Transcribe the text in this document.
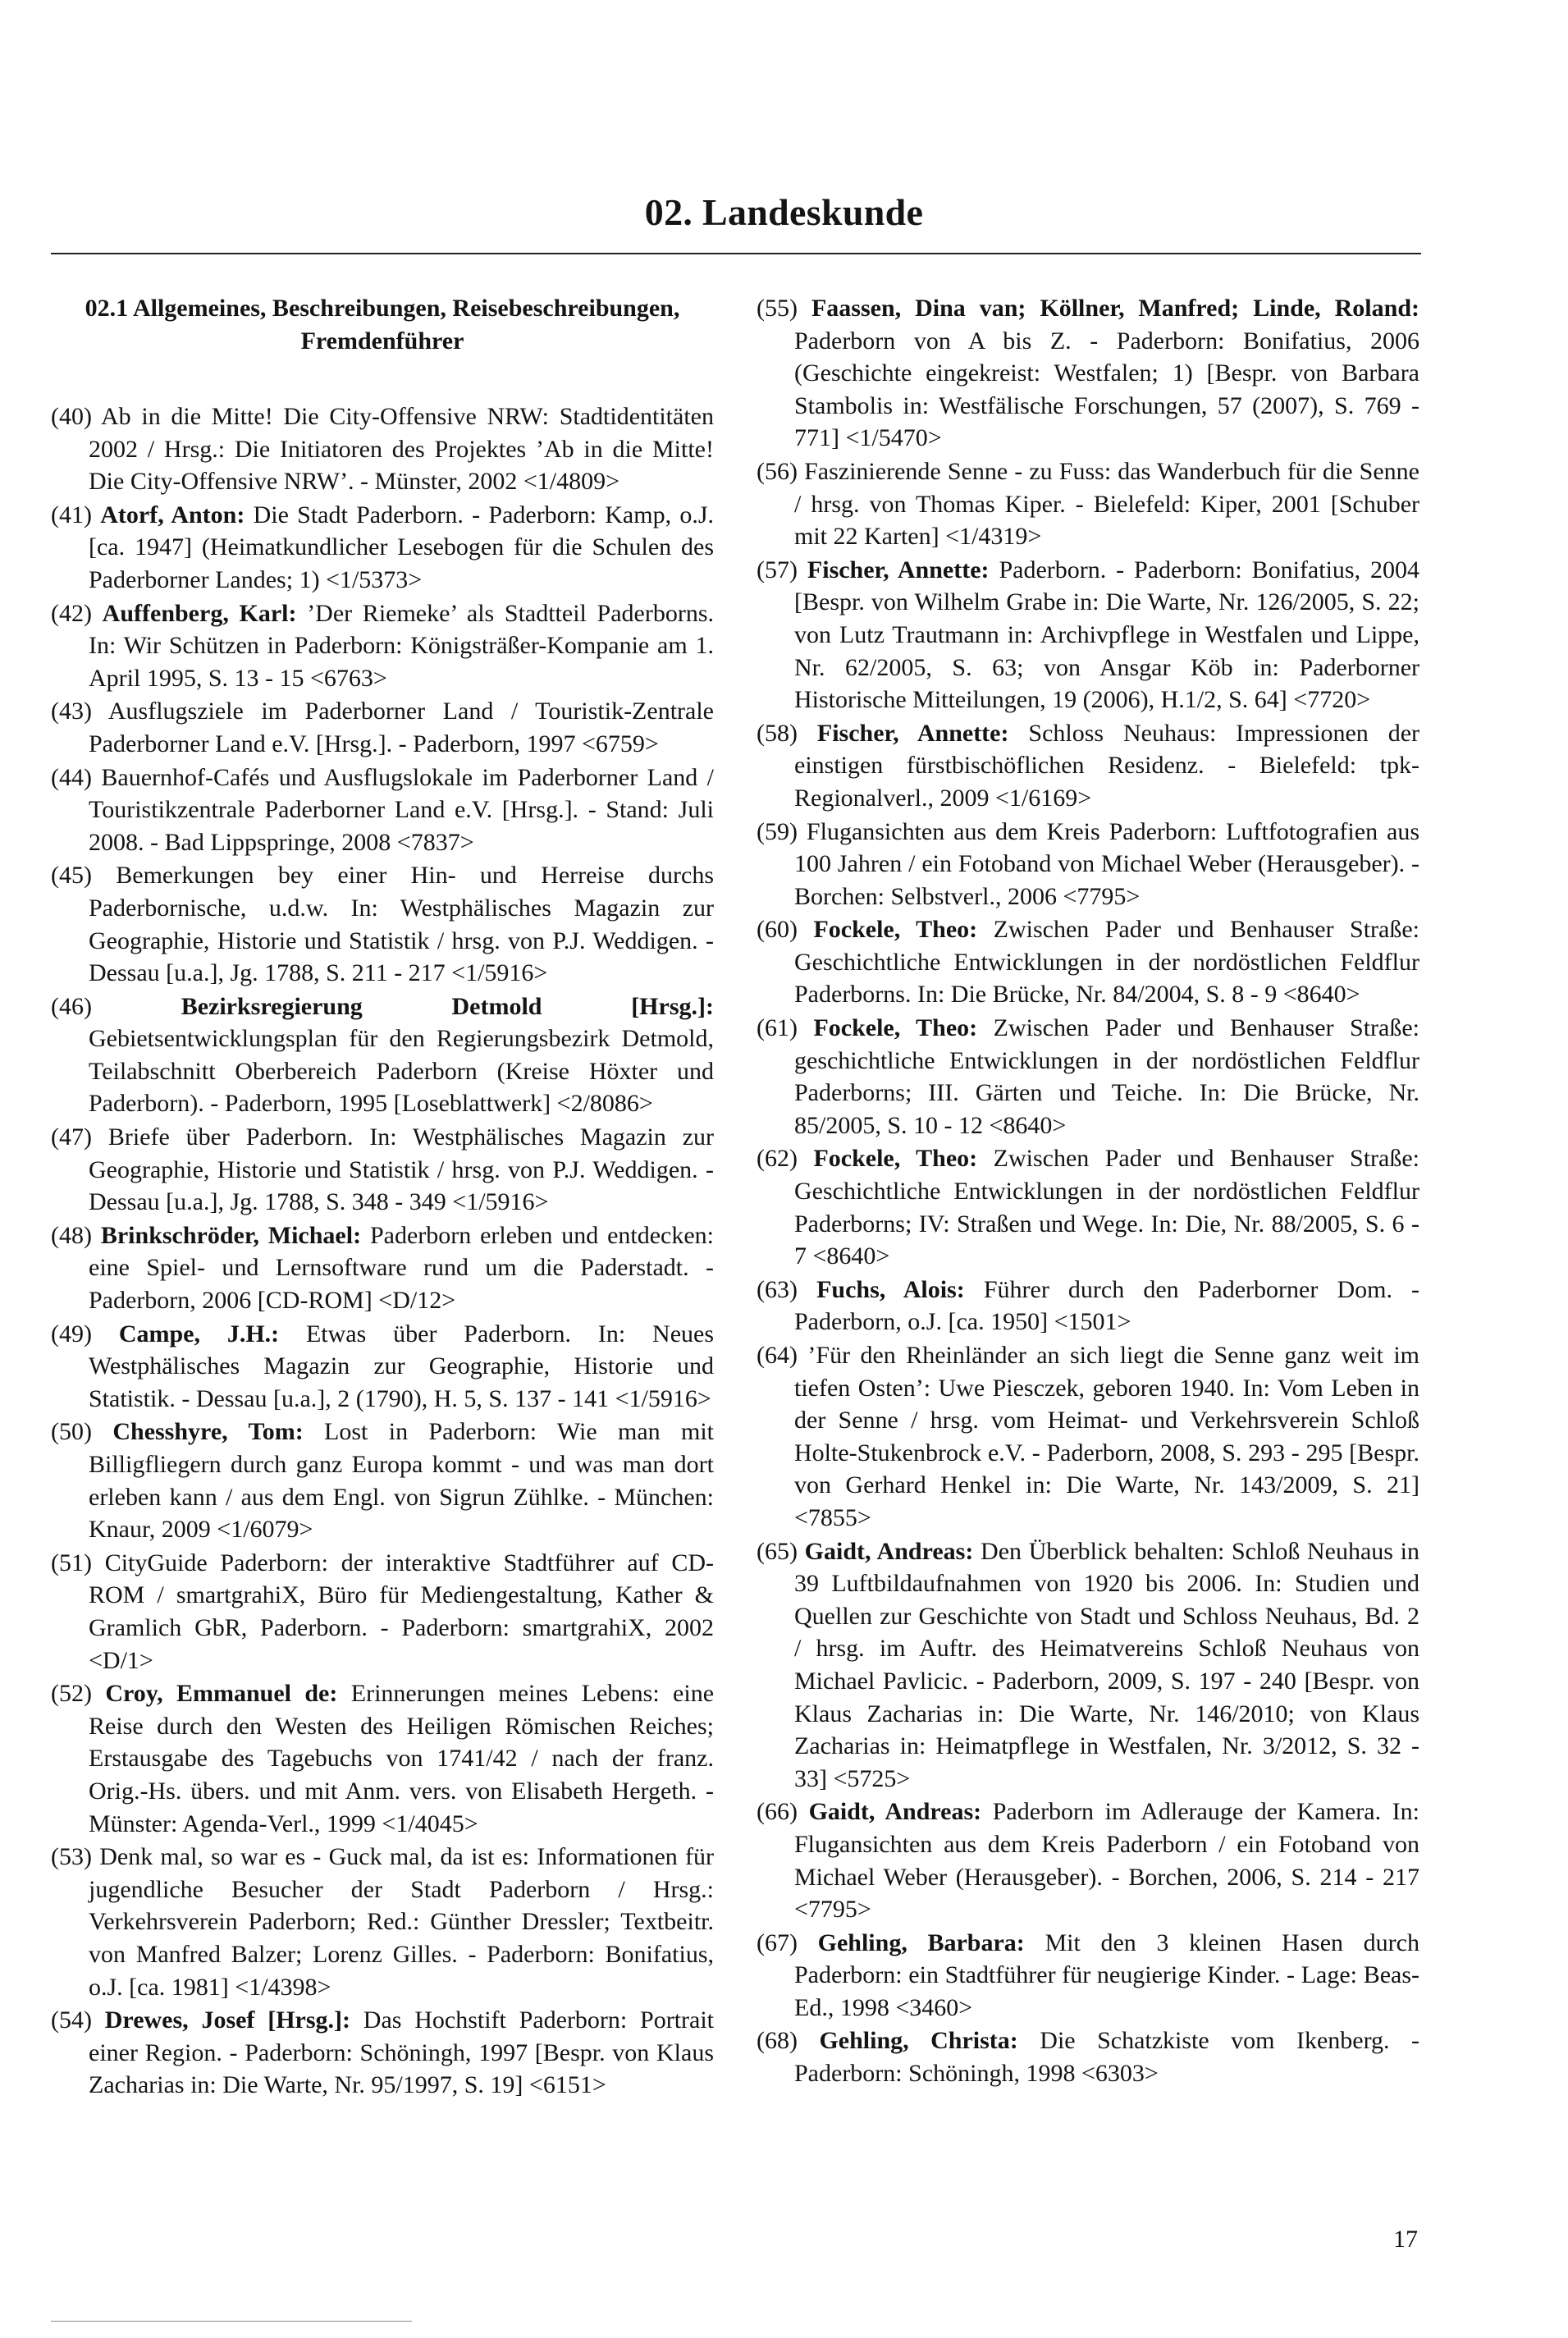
02. Landeskunde
02.1 Allgemeines, Beschreibungen, Reisebeschreibungen,
Fremdenführer

(40) Ab in die Mitte! Die City-Offensive NRW: Stadtidentitäten 2002 / Hrsg.: Die Initiatoren des Projektes ’Ab in die Mitte! Die City-Offensive NRW’. - Münster, 2002 <1/4809>

(41) Atorf, Anton: Die Stadt Paderborn. - Paderborn: Kamp, o.J. [ca. 1947] (Heimatkundlicher Lesebogen für die Schulen des Paderborner Landes; 1) <1/5373>

(42) Auffenberg, Karl: ’Der Riemeke’ als Stadtteil Paderborns. In: Wir Schützen in Paderborn: Königsträßer-Kompanie am 1. April 1995, S. 13 - 15 <6763>

(43) Ausflugsziele im Paderborner Land / Touristik-Zentrale Paderborner Land e.V. [Hrsg.]. - Paderborn, 1997 <6759>

(44) Bauernhof-Cafés und Ausflugslokale im Paderborner Land / Touristikzentrale Paderborner Land e.V. [Hrsg.]. - Stand: Juli 2008. - Bad Lippspringe, 2008 <7837>

(45) Bemerkungen bey einer Hin- und Herreise durchs Paderbornische, u.d.w. In: Westphälisches Magazin zur Geographie, Historie und Statistik / hrsg. von P.J. Weddigen. - Dessau [u.a.], Jg. 1788, S. 211 - 217 <1/5916>

(46)	Bezirksregierung Detmold [Hrsg.]: Gebietsentwicklungsplan für den Regierungsbezirk Detmold, Teilabschnitt Oberbereich Paderborn (Kreise Höxter und Paderborn). - Paderborn, 1995 [Loseblattwerk] <2/8086>

(47) Briefe über Paderborn. In: Westphälisches Magazin zur Geographie, Historie und Statistik / hrsg. von P.J. Weddigen. - Dessau [u.a.], Jg. 1788, S. 348 - 349 <1/5916>

(48) Brinkschröder, Michael: Paderborn erleben und entdecken: eine Spiel- und Lernsoftware rund um die Paderstadt. - Paderborn, 2006 [CD-ROM] <D/12>

(49) Campe, J.H.: Etwas über Paderborn. In: Neues Westphälisches Magazin zur Geographie, Historie und Statistik. - Dessau [u.a.], 2 (1790), H. 5, S. 137 - 141 <1/5916>

(50) Chesshyre, Tom: Lost in Paderborn: Wie man mit Billigfliegern durch ganz Europa kommt - und was man dort erleben kann / aus dem Engl. von Sigrun Zühlke. - München: Knaur, 2009 <1/6079>

(51) CityGuide Paderborn: der interaktive Stadtführer auf CD-ROM / smartgrahiX, Büro für Mediengestaltung, Kather & Gramlich GbR, Paderborn. - Paderborn: smartgrahiX, 2002 <D/1>

(52) Croy, Emmanuel de: Erinnerungen meines Lebens: eine Reise durch den Westen des Heiligen Römischen Reiches; Erstausgabe des Tagebuchs von 1741/42 / nach der franz. Orig.-Hs. übers. und mit Anm. vers. von Elisabeth Hergeth. - Münster: Agenda-Verl., 1999 <1/4045>

(53) Denk mal, so war es - Guck mal, da ist es: Informationen für jugendliche Besucher der Stadt Paderborn / Hrsg.: Verkehrsverein Paderborn; Red.: Günther Dressler; Textbeitr. von Manfred Balzer; Lorenz Gilles. - Paderborn: Bonifatius, o.J. [ca. 1981] <1/4398>

(54) Drewes, Josef [Hrsg.]: Das Hochstift Paderborn: Portrait einer Region. - Paderborn: Schöningh, 1997 [Bespr. von Klaus Zacharias in: Die Warte, Nr. 95/1997, S. 19] <6151>

(55) Faassen, Dina van; Köllner, Manfred; Linde, Roland: Paderborn von A bis Z. - Paderborn: Bonifatius, 2006 (Geschichte eingekreist: Westfalen; 1) [Bespr. von Barbara Stambolis in: Westfälische Forschungen, 57 (2007), S. 769 - 771] <1/5470>

(56) Faszinierende Senne - zu Fuss: das Wanderbuch für die Senne / hrsg. von Thomas Kiper. - Bielefeld: Kiper, 2001 [Schuber mit 22 Karten] <1/4319>

(57) Fischer, Annette: Paderborn. - Paderborn: Bonifatius, 2004 [Bespr. von Wilhelm Grabe in: Die Warte, Nr. 126/2005, S. 22; von Lutz Trautmann in: Archivpflege in Westfalen und Lippe, Nr. 62/2005, S. 63; von Ansgar Köb in: Paderborner Historische Mitteilungen, 19 (2006), H.1/2, S. 64] <7720>

(58) Fischer, Annette: Schloss Neuhaus: Impressionen der einstigen fürstbischöflichen Residenz. - Bielefeld: tpk-Regionalverl., 2009 <1/6169>

(59) Flugansichten aus dem Kreis Paderborn: Luftfotografien aus 100 Jahren / ein Fotoband von Michael Weber (Herausgeber). - Borchen: Selbstverl., 2006 <7795>

(60) Fockele, Theo: Zwischen Pader und Benhauser Straße: Geschichtliche Entwicklungen in der nordöstlichen Feldflur Paderborns. In: Die Brücke, Nr. 84/2004, S. 8 - 9 <8640>

(61) Fockele, Theo: Zwischen Pader und Benhauser Straße: geschichtliche Entwicklungen in der nordöstlichen Feldflur Paderborns; III. Gärten und Teiche. In: Die Brücke, Nr. 85/2005, S. 10 - 12 <8640>

(62) Fockele, Theo: Zwischen Pader und Benhauser Straße: Geschichtliche Entwicklungen in der nordöstlichen Feldflur Paderborns; IV: Straßen und Wege. In: Die, Nr. 88/2005, S. 6 - 7 <8640>

(63) Fuchs, Alois: Führer durch den Paderborner Dom. - Paderborn, o.J. [ca. 1950] <1501>

(64) ’Für den Rheinländer an sich liegt die Senne ganz weit im tiefen Osten’: Uwe Piesczek, geboren 1940. In: Vom Leben in der Senne / hrsg. vom Heimat- und Verkehrsverein Schloß Holte-Stukenbrock e.V. - Paderborn, 2008, S. 293 - 295 [Bespr. von Gerhard Henkel in: Die Warte, Nr. 143/2009, S. 21] <7855>

(65) Gaidt, Andreas: Den Überblick behalten: Schloß Neuhaus in 39 Luftbildaufnahmen von 1920 bis 2006. In: Studien und Quellen zur Geschichte von Stadt und Schloss Neuhaus, Bd. 2 / hrsg. im Auftr. des Heimatvereins Schloß Neuhaus von Michael Pavlicic. - Paderborn, 2009, S. 197 - 240 [Bespr. von Klaus Zacharias in: Die Warte, Nr. 146/2010; von Klaus Zacharias in: Heimatpflege in Westfalen, Nr. 3/2012, S. 32 - 33] <5725>

(66) Gaidt, Andreas: Paderborn im Adlerauge der Kamera. In: Flugansichten aus dem Kreis Paderborn / ein Fotoband von Michael Weber (Herausgeber). - Borchen, 2006, S. 214 - 217 <7795>

(67) Gehling, Barbara: Mit den 3 kleinen Hasen durch Paderborn: ein Stadtführer für neugierige Kinder. - Lage: Beas-Ed., 1998 <3460>

(68) Gehling, Christa: Die Schatzkiste vom Ikenberg. - Paderborn: Schöningh, 1998 <6303>

17
